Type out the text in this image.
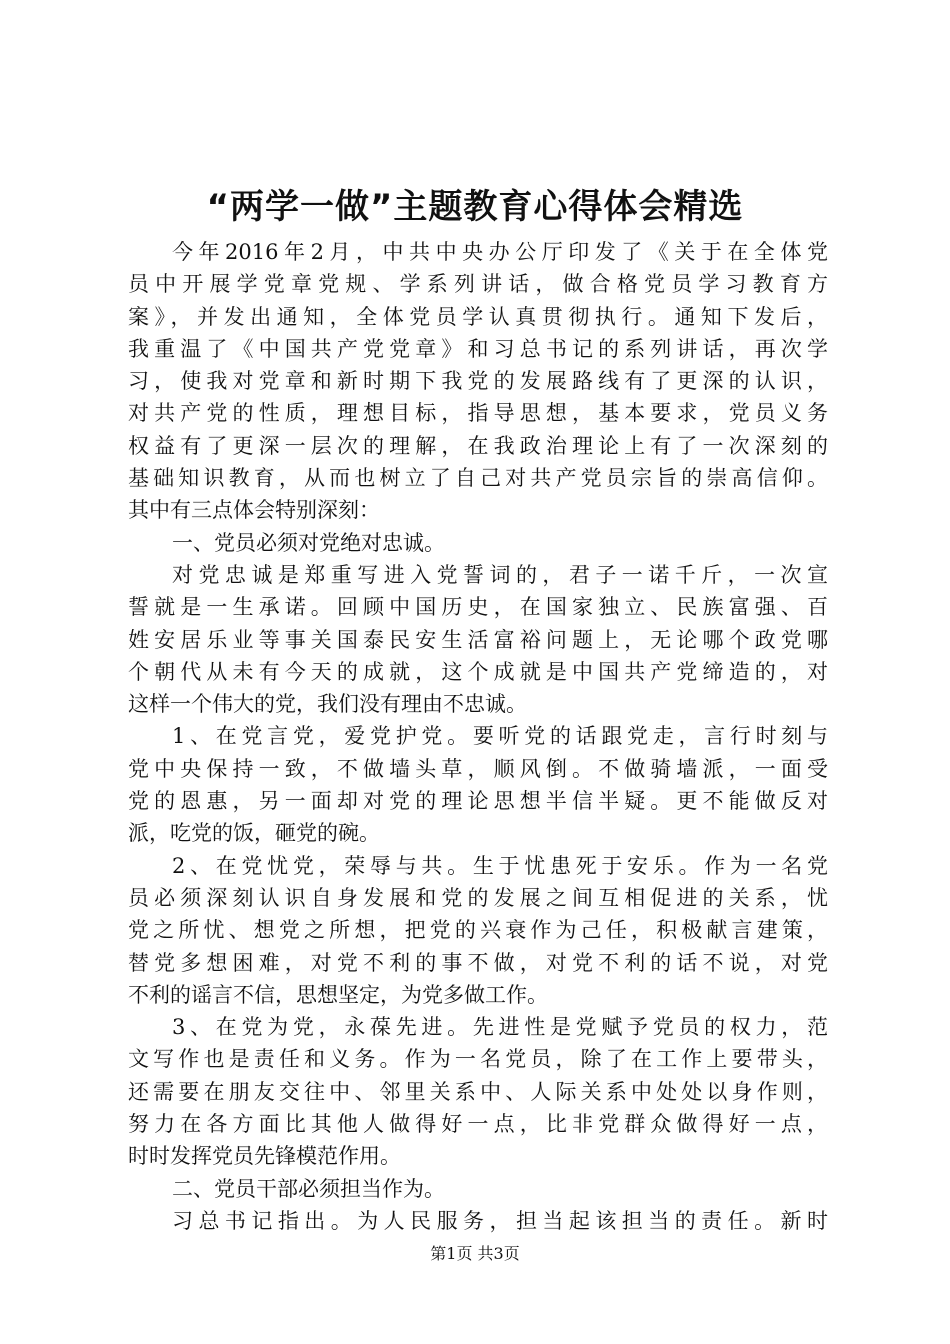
“两学一做”主题教育心得体会精选
今年2016年2月，中共中央办公厅印发了《关于在全体党
员中开展学党章党规、学系列讲话，做合格党员学习教育方
案》，并发出通知，全体党员学认真贯彻执行。通知下发后，
我重温了《中国共产党党章》和习总书记的系列讲话，再次学
习，使我对党章和新时期下我党的发展路线有了更深的认识，
对共产党的性质，理想目标，指导思想，基本要求，党员义务
权益有了更深一层次的理解，在我政治理论上有了一次深刻的
基础知识教育，从而也树立了自己对共产党员宗旨的崇高信仰。
其中有三点体会特别深刻：
一、党员必须对党绝对忠诚。
对党忠诚是郑重写进入党誓词的，君子一诺千斤，一次宣
誓就是一生承诺。回顾中国历史，在国家独立、民族富强、百
姓安居乐业等事关国泰民安生活富裕问题上，无论哪个政党哪
个朝代从未有今天的成就，这个成就是中国共产党缔造的，对
这样一个伟大的党，我们没有理由不忠诚。
1、在党言党，爱党护党。要听党的话跟党走，言行时刻与
党中央保持一致，不做墙头草，顺风倒。不做骑墙派，一面受
党的恩惠，另一面却对党的理论思想半信半疑。更不能做反对
派，吃党的饭，砸党的碗。
2、在党忧党，荣辱与共。生于忧患死于安乐。作为一名党
员必须深刻认识自身发展和党的发展之间互相促进的关系，忧
党之所忧、想党之所想，把党的兴衰作为己任，积极献言建策，
替党多想困难，对党不利的事不做，对党不利的话不说，对党
不利的谣言不信，思想坚定，为党多做工作。
3、在党为党，永葆先进。先进性是党赋予党员的权力，范
文写作也是责任和义务。作为一名党员，除了在工作上要带头，
还需要在朋友交往中、邻里关系中、人际关系中处处以身作则，
努力在各方面比其他人做得好一点，比非党群众做得好一点，
时时发挥党员先锋模范作用。
二、党员干部必须担当作为。
习总书记指出。为人民服务，担当起该担当的责任。新时
第1页 共3页
